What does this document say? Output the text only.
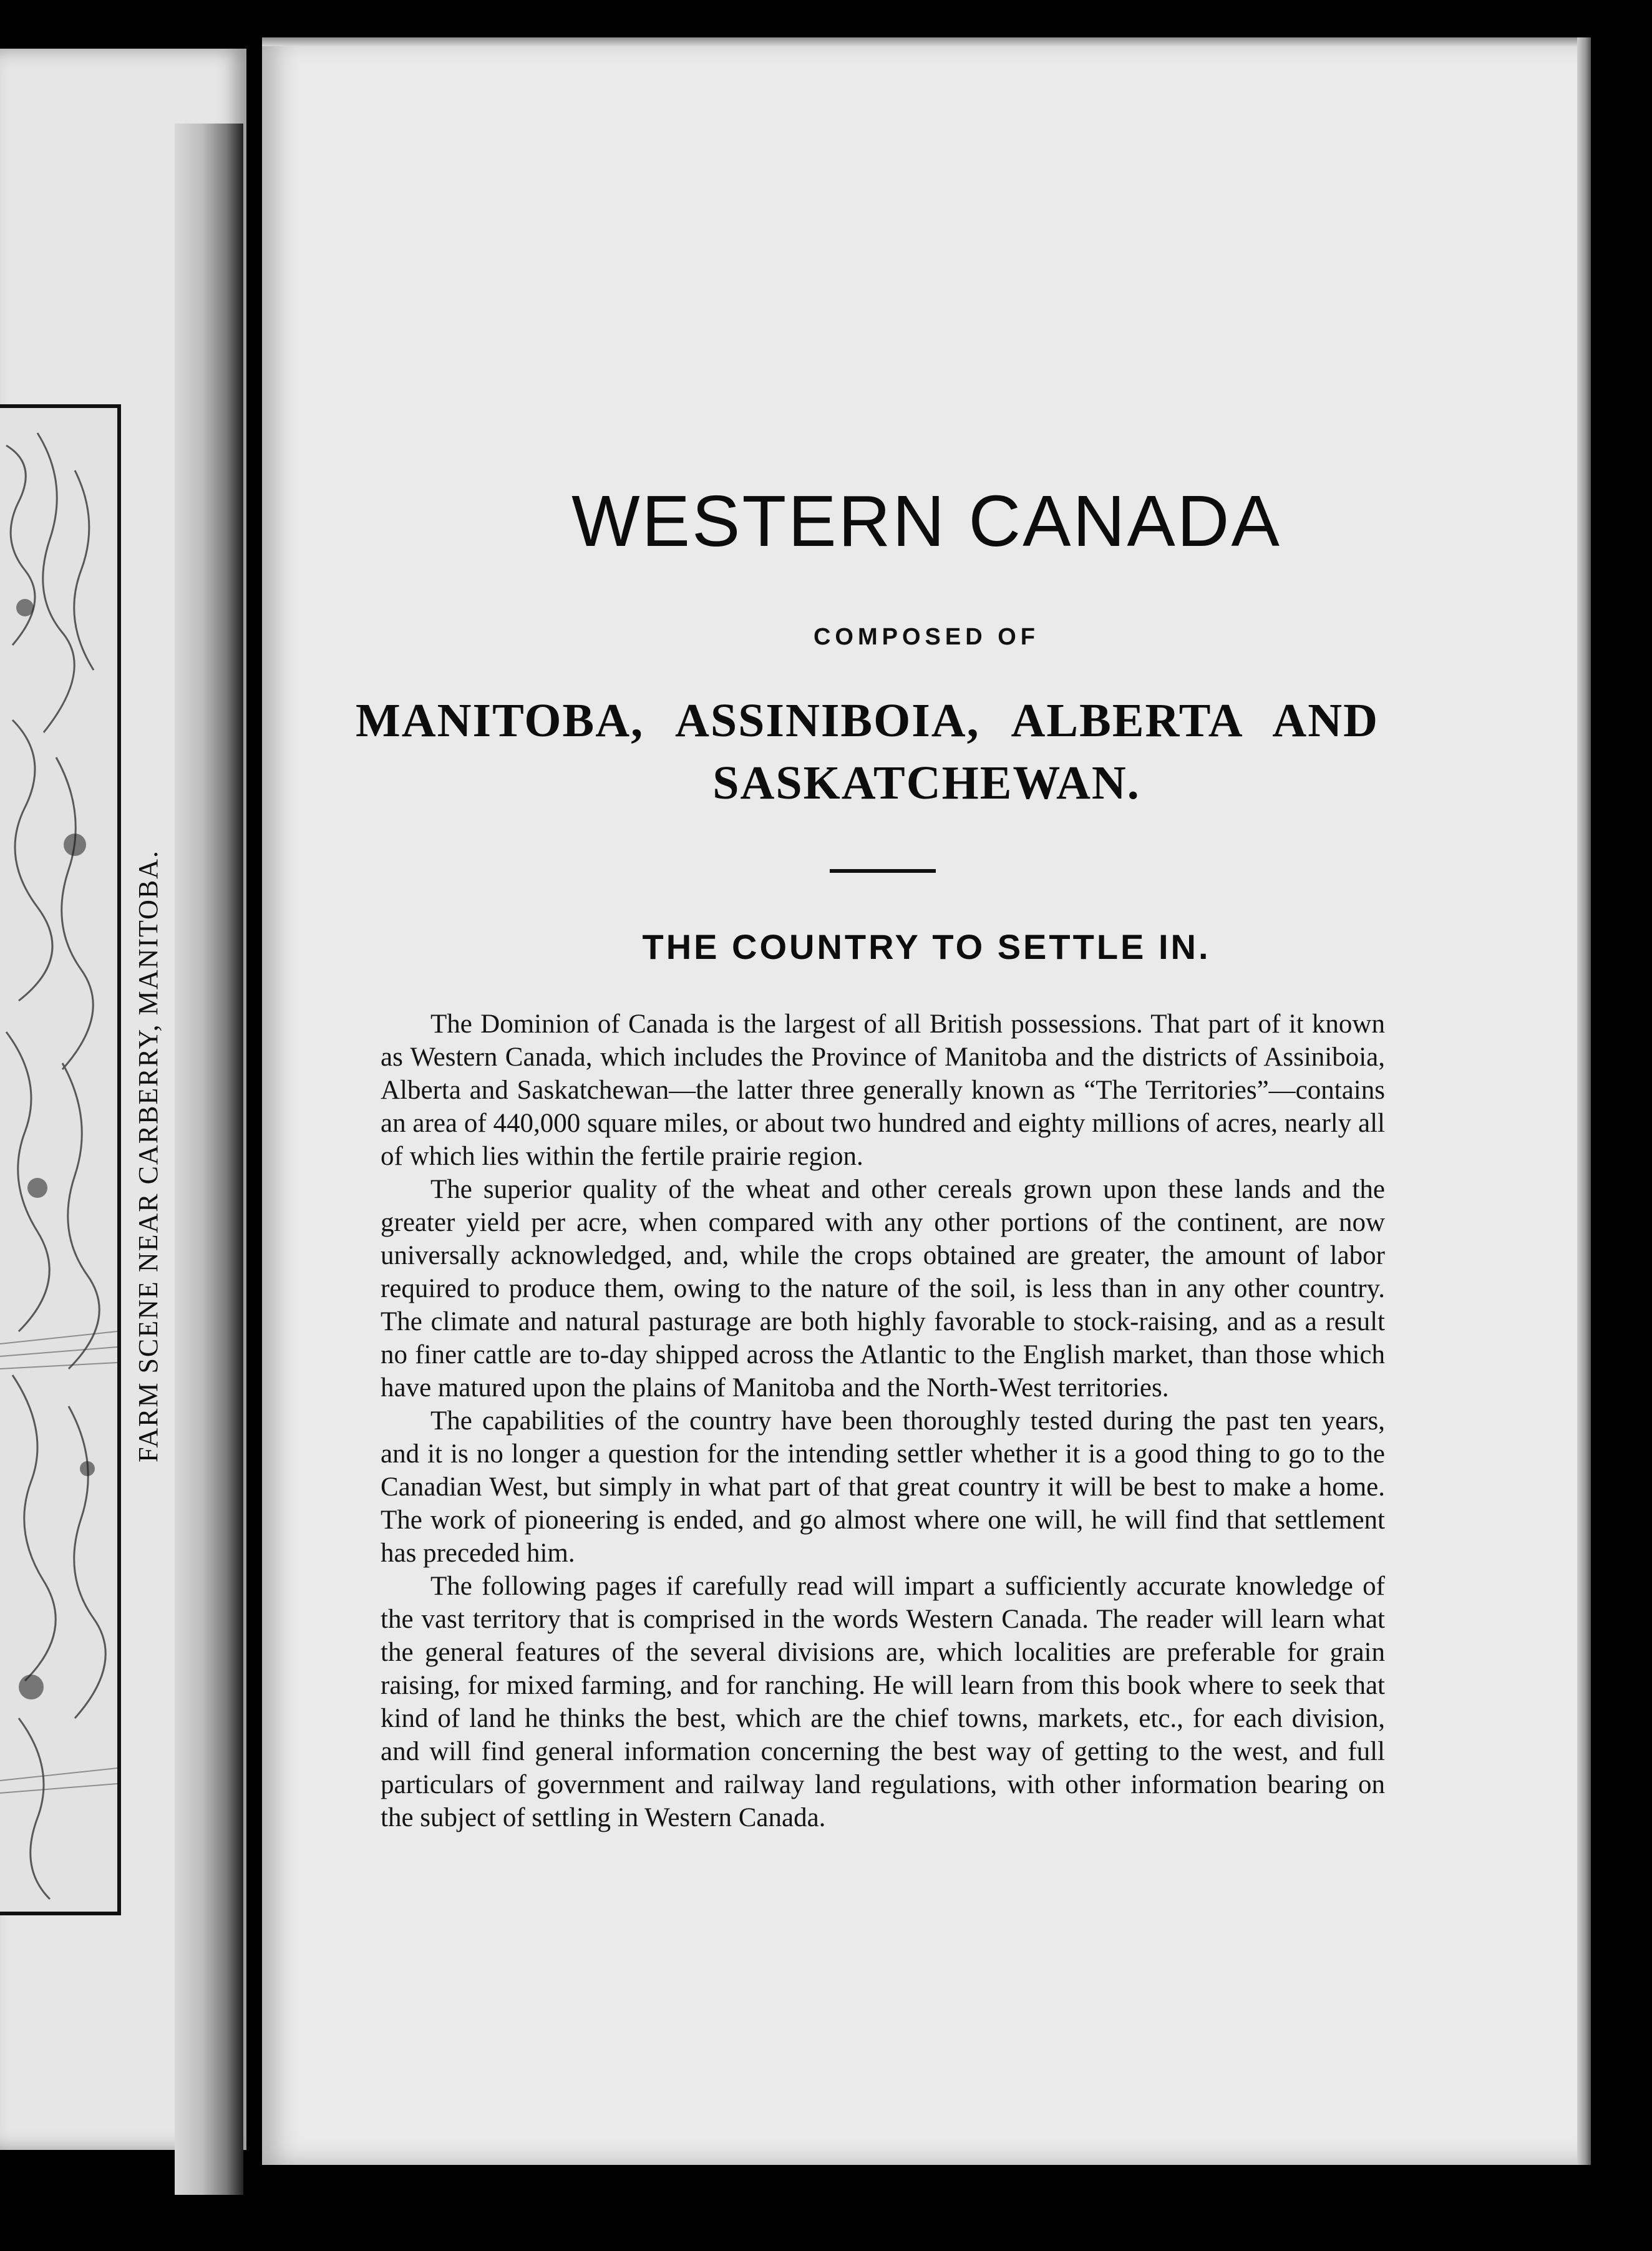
FARM SCENE NEAR CARBERRY, MANITOBA.
WESTERN CANADA
COMPOSED OF
MANITOBA, ASSINIBOIA, ALBERTA AND
SASKATCHEWAN.
THE COUNTRY TO SETTLE IN.

The Dominion of Canada is the largest of all British possessions. That part of it known as Western Canada, which includes the Province of Manitoba and the districts of Assiniboia, Alberta and Saskatchewan—the latter three generally known as “The Territories”—contains an area of 440,000 square miles, or about two hundred and eighty millions of acres, nearly all of which lies within the fertile prairie region.

The superior quality of the wheat and other cereals grown upon these lands and the greater yield per acre, when compared with any other portions of the continent, are now universally acknowledged, and, while the crops obtained are greater, the amount of labor required to produce them, owing to the nature of the soil, is less than in any other country. The climate and natural pasturage are both highly favorable to stock-raising, and as a result no finer cattle are to-day shipped across the Atlantic to the English market, than those which have matured upon the plains of Manitoba and the North-West territories.

The capabilities of the country have been thoroughly tested during the past ten years, and it is no longer a question for the intending settler whether it is a good thing to go to the Canadian West, but simply in what part of that great country it will be best to make a home. The work of pioneering is ended, and go almost where one will, he will find that settlement has preceded him.

The following pages if carefully read will impart a sufficiently accurate knowledge of the vast territory that is comprised in the words Western Canada. The reader will learn what the general features of the several divisions are, which localities are preferable for grain raising, for mixed farming, and for ranching. He will learn from this book where to seek that kind of land he thinks the best, which are the chief towns, markets, etc., for each division, and will find general information concerning the best way of getting to the west, and full particulars of government and railway land regulations, with other information bearing on the subject of settling in Western Canada.
